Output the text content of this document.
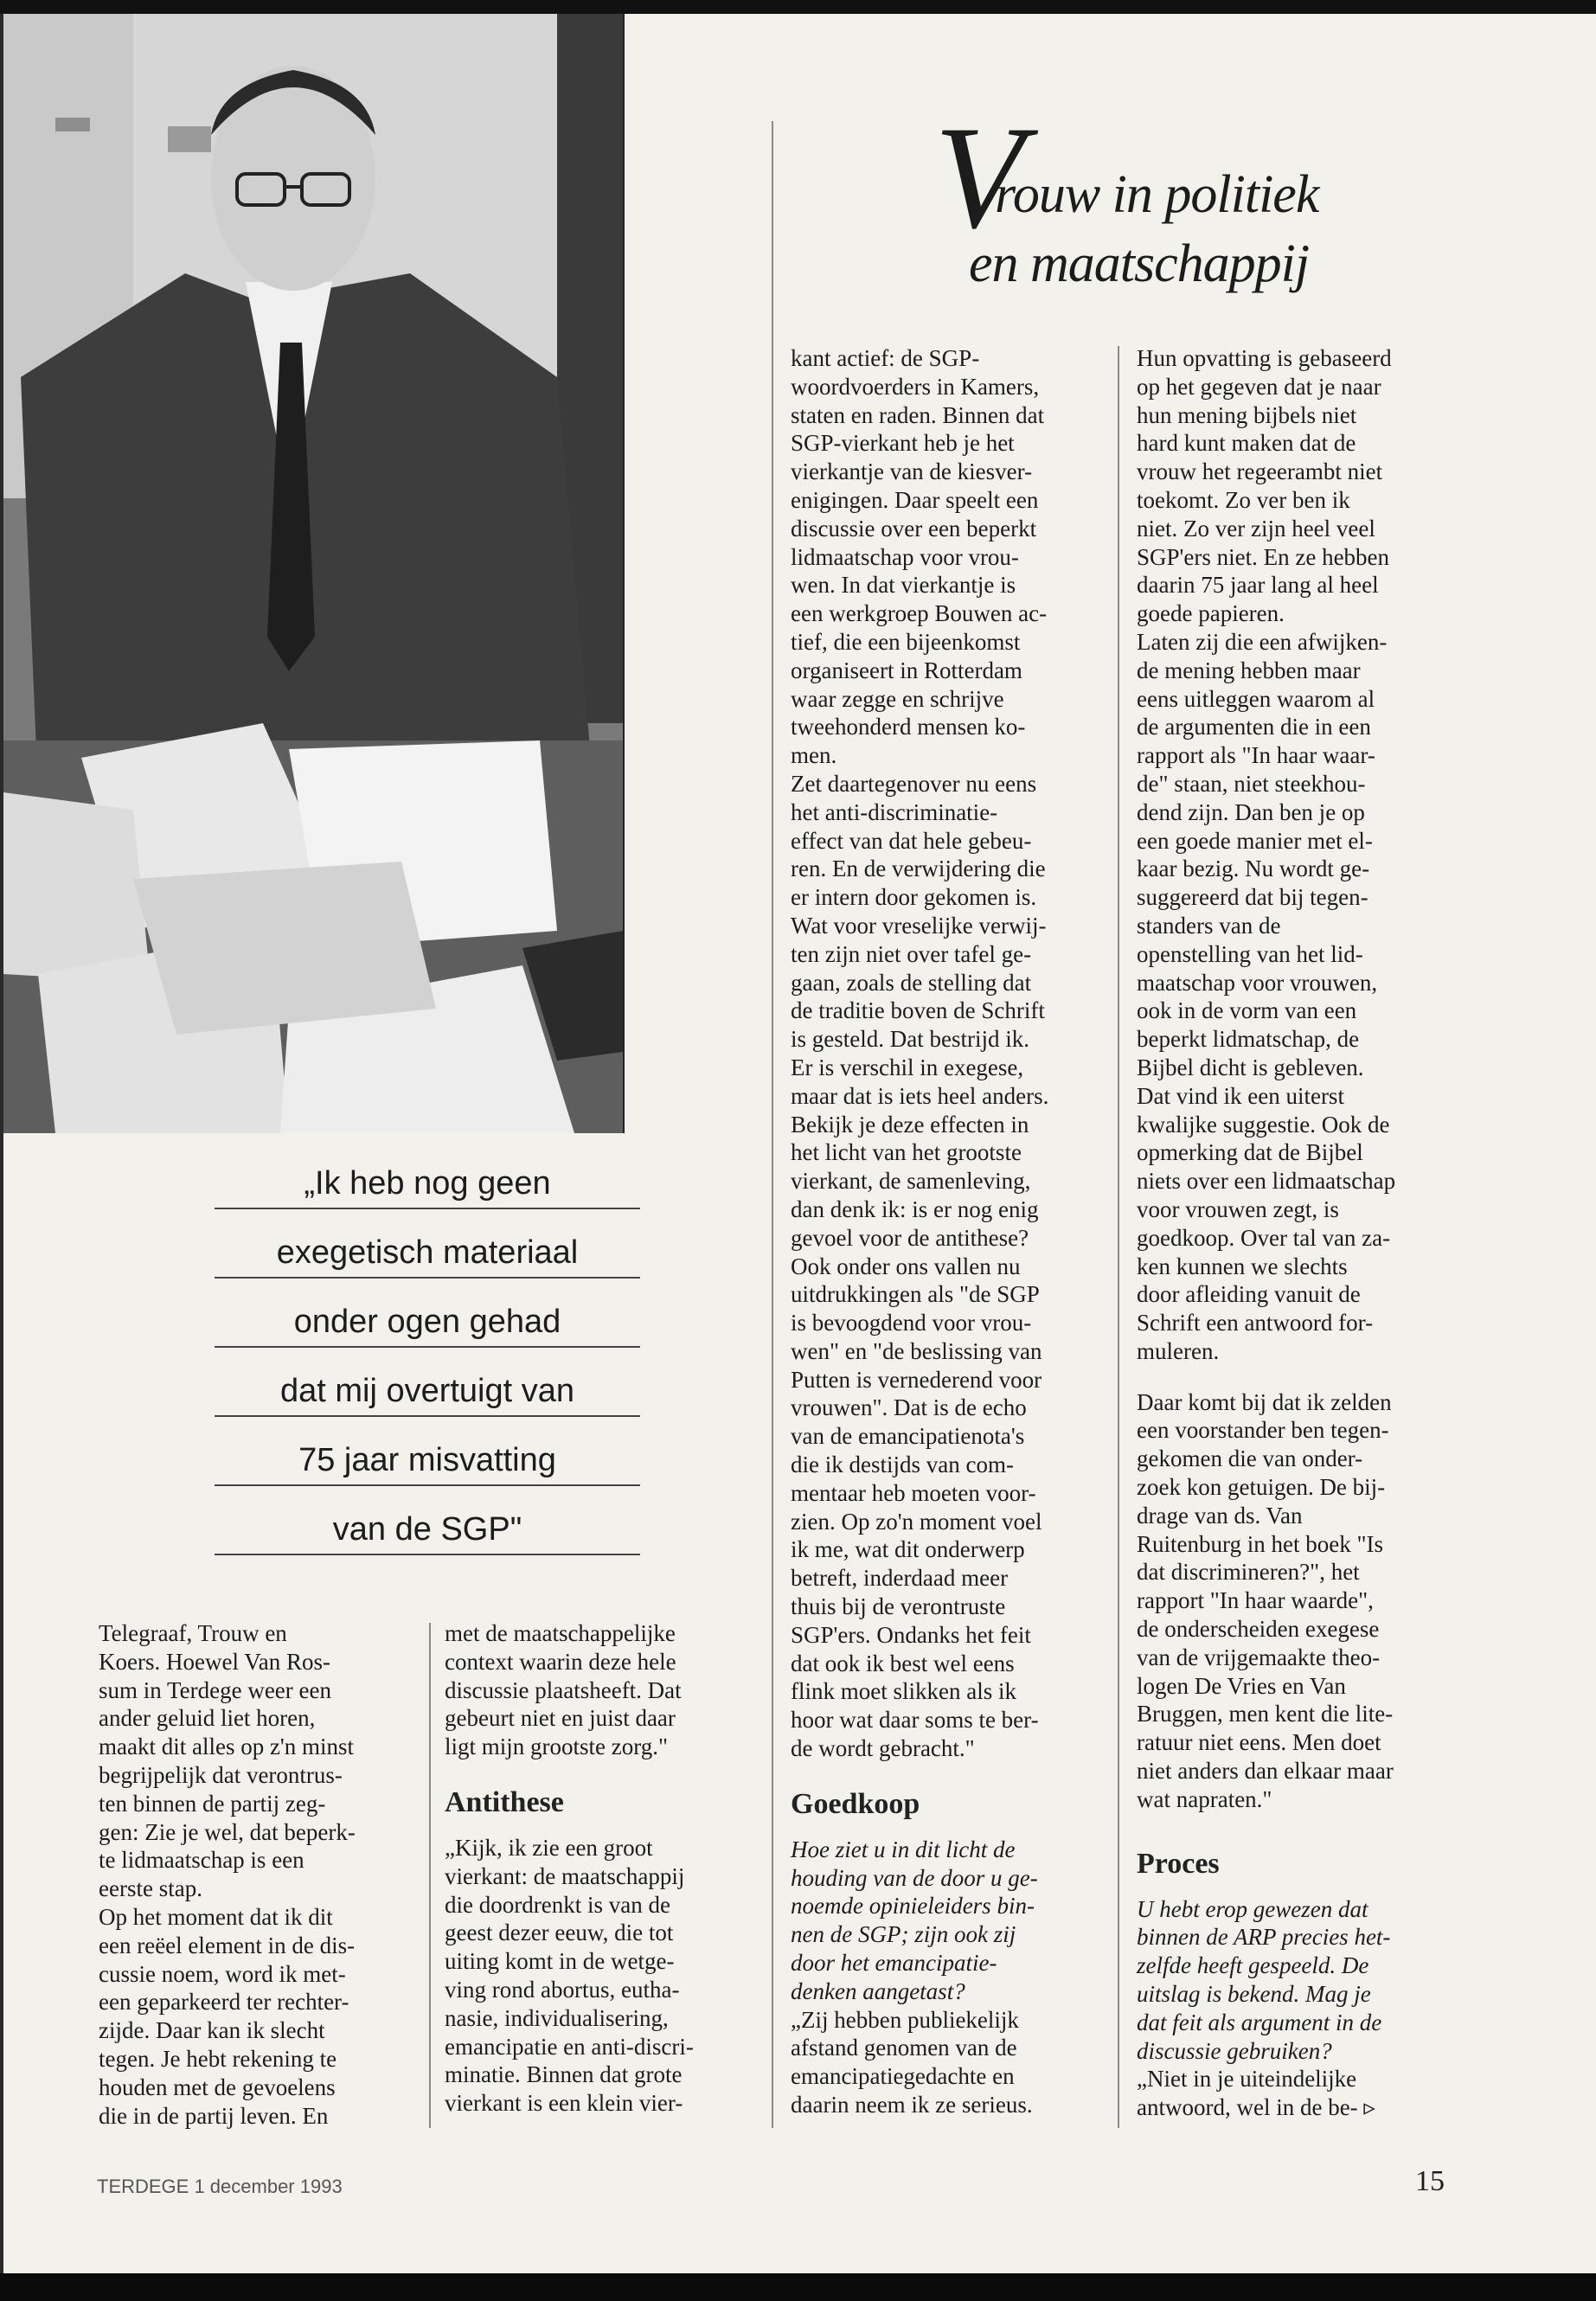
V
rouw in politiek
en maatschappij
„Ik heb nog geen
exegetisch materiaal
onder ogen gehad
dat mij overtuigt van
75 jaar misvatting
van de SGP"

Telegraaf, Trouw en

Koers. Hoewel Van Ros-

sum in Terdege weer een

ander geluid liet horen,

maakt dit alles op z'n minst

begrijpelijk dat verontrus-

ten binnen de partij zeg-

gen: Zie je wel, dat beperk-

te lidmaatschap is een

eerste stap.

Op het moment dat ik dit

een reëel element in de dis-

cussie noem, word ik met-

een geparkeerd ter rechter-

zijde. Daar kan ik slecht

tegen. Je hebt rekening te

houden met de gevoelens

die in de partij leven. En

met de maatschappelijke

context waarin deze hele

discussie plaatsheeft. Dat

gebeurt niet en juist daar

ligt mijn grootste zorg."

Antithese

„Kijk, ik zie een groot

vierkant: de maatschappij

die doordrenkt is van de

geest dezer eeuw, die tot

uiting komt in de wetge-

ving rond abortus, eutha-

nasie, individualisering,

emancipatie en anti-discri-

minatie. Binnen dat grote

vierkant is een klein vier-

kant actief: de SGP-

woordvoerders in Kamers,

staten en raden. Binnen dat

SGP-vierkant heb je het

vierkantje van de kiesver-

enigingen. Daar speelt een

discussie over een beperkt

lidmaatschap voor vrou-

wen. In dat vierkantje is

een werkgroep Bouwen ac-

tief, die een bijeenkomst

organiseert in Rotterdam

waar zegge en schrijve

tweehonderd mensen ko-

men.

Zet daartegenover nu eens

het anti-discriminatie-

effect van dat hele gebeu-

ren. En de verwijdering die

er intern door gekomen is.

Wat voor vreselijke verwij-

ten zijn niet over tafel ge-

gaan, zoals de stelling dat

de traditie boven de Schrift

is gesteld. Dat bestrijd ik.

Er is verschil in exegese,

maar dat is iets heel anders.

Bekijk je deze effecten in

het licht van het grootste

vierkant, de samenleving,

dan denk ik: is er nog enig

gevoel voor de antithese?

Ook onder ons vallen nu

uitdrukkingen als "de SGP

is bevoogdend voor vrou-

wen" en "de beslissing van

Putten is vernederend voor

vrouwen". Dat is de echo

van de emancipatienota's

die ik destijds van com-

mentaar heb moeten voor-

zien. Op zo'n moment voel

ik me, wat dit onderwerp

betreft, inderdaad meer

thuis bij de verontruste

SGP'ers. Ondanks het feit

dat ook ik best wel eens

flink moet slikken als ik

hoor wat daar soms te ber-

de wordt gebracht."

Goedkoop

Hoe ziet u in dit licht de

houding van de door u ge-

noemde opinieleiders bin-

nen de SGP; zijn ook zij

door het emancipatie-

denken aangetast?

„Zij hebben publiekelijk

afstand genomen van de

emancipatiegedachte en

daarin neem ik ze serieus.

Hun opvatting is gebaseerd

op het gegeven dat je naar

hun mening bijbels niet

hard kunt maken dat de

vrouw het regeerambt niet

toekomt. Zo ver ben ik

niet. Zo ver zijn heel veel

SGP'ers niet. En ze hebben

daarin 75 jaar lang al heel

goede papieren.

Laten zij die een afwijken-

de mening hebben maar

eens uitleggen waarom al

de argumenten die in een

rapport als "In haar waar-

de" staan, niet steekhou-

dend zijn. Dan ben je op

een goede manier met el-

kaar bezig. Nu wordt ge-

suggereerd dat bij tegen-

standers van de

openstelling van het lid-

maatschap voor vrouwen,

ook in de vorm van een

beperkt lidmatschap, de

Bijbel dicht is gebleven.

Dat vind ik een uiterst

kwalijke suggestie. Ook de

opmerking dat de Bijbel

niets over een lidmaatschap

voor vrouwen zegt, is

goedkoop. Over tal van za-

ken kunnen we slechts

door afleiding vanuit de

Schrift een antwoord for-

muleren.

Daar komt bij dat ik zelden

een voorstander ben tegen-

gekomen die van onder-

zoek kon getuigen. De bij-

drage van ds. Van

Ruitenburg in het boek "Is

dat discrimineren?", het

rapport "In haar waarde",

de onderscheiden exegese

van de vrijgemaakte theo-

logen De Vries en Van

Bruggen, men kent die lite-

ratuur niet eens. Men doet

niet anders dan elkaar maar

wat napraten."

Proces

U hebt erop gewezen dat

binnen de ARP precies het-

zelfde heeft gespeeld. De

uitslag is bekend. Mag je

dat feit als argument in de

discussie gebruiken?

„Niet in je uiteindelijke

antwoord, wel in de be- ▹

TERDEGE 1 december 1993	15
